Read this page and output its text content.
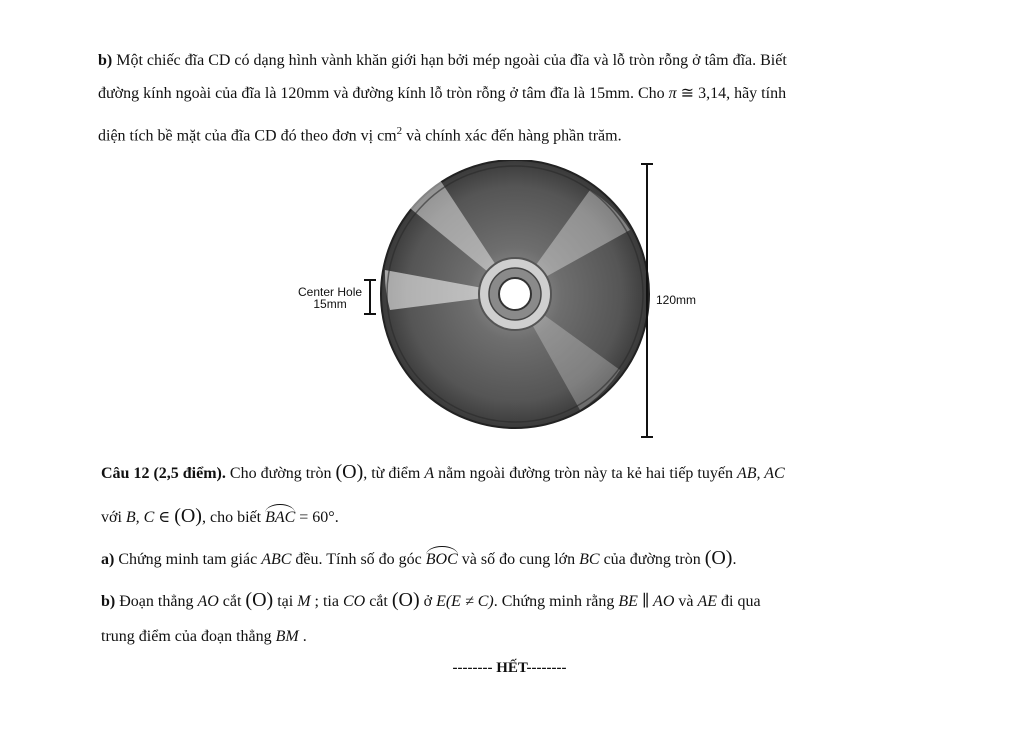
b) Một chiếc đĩa CD có dạng hình vành khăn giới hạn bởi mép ngoài của đĩa và lỗ tròn rỗng ở tâm đĩa. Biết
đường kính ngoài của đĩa là 120mm và đường kính lỗ tròn rỗng ở tâm đĩa là 15mm. Cho π ≅ 3,14, hãy tính
diện tích bề mặt của đĩa CD đó theo đơn vị $cm^2$ và chính xác đến hàng phần trăm.
Center Hole
15mm	120mm
Câu 12 (2,5 điểm). Cho đường tròn (O), từ điểm A nằm ngoài đường tròn này ta kẻ hai tiếp tuyến AB, AC
với B, C ∈ (O), cho biết BAC = 60°.
a) Chứng minh tam giác ABC đều. Tính số đo góc BOC và số đo cung lớn BC của đường tròn (O).
b) Đoạn thẳng AO cắt (O) tại M ; tia CO cắt (O) ở E(E ≠ C). Chứng minh rằng BE ∥ AO và AE đi qua
trung điểm của đoạn thẳng BM .
-------- HẾT--------
